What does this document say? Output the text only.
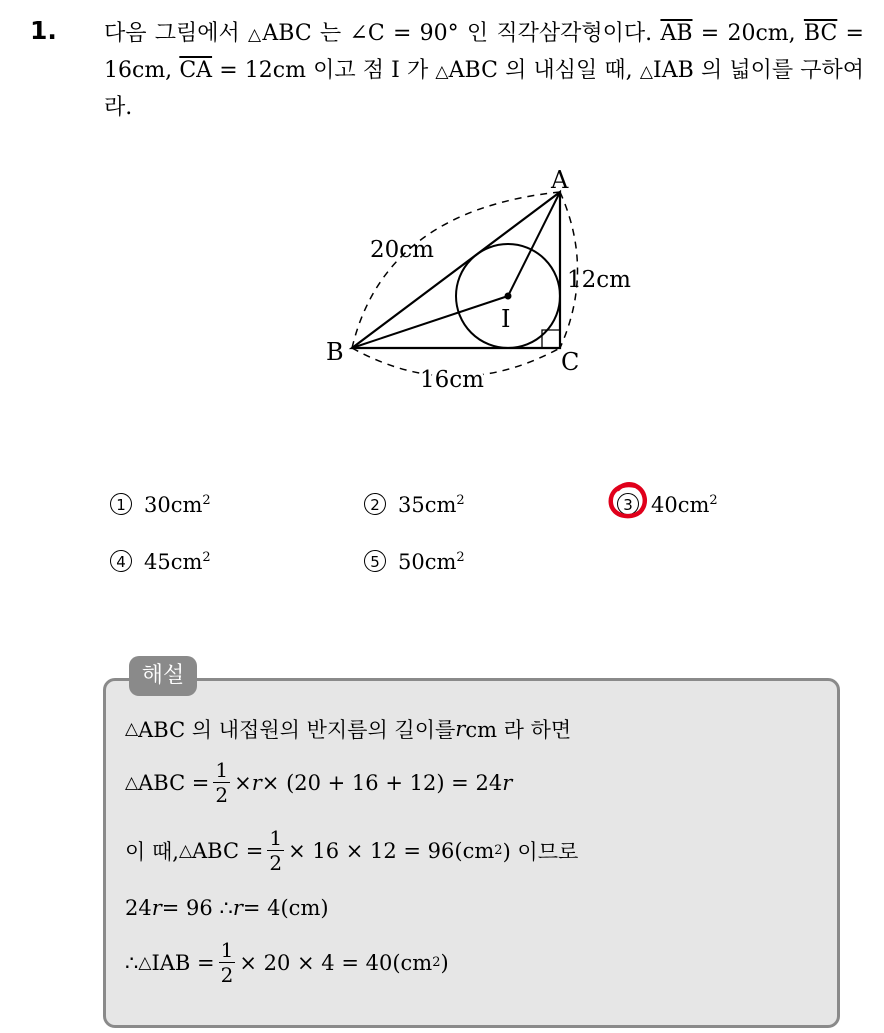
1. 다음 그림에서 △ABC 는 ∠C = 90° 인 직각삼각형이다. $\overline{AB} = 20cm$, $\overline{BC} = 16cm$, $\overline{CA} = 12cm$ 이고 점 I 가 △ABC 의 내심일 때, △IAB 의 넓이를 구하여라.
A
B	C
I
20cm
12cm
16cm
1 $30cm^2$	2 $35cm^2$	3 $40cm^2$
4 $45cm^2$	5 $50cm^2$
해설
△ ABC 의 내접원의 반지름의 길이를 r cm 라 하면
△ ABC = $\frac{1}{2} \times r \times (20 + 16 + 12) = 24$ r
이 때, △ ABC = $\frac{1}{2} \times 16 \times 12 = 96(cm$ 2 ) 이므로
24 r = 96 ∴ r = 4(cm)
∴ △ IAB = $\frac{1}{2} \times 20 \times 4 = 40(cm$ 2 )
